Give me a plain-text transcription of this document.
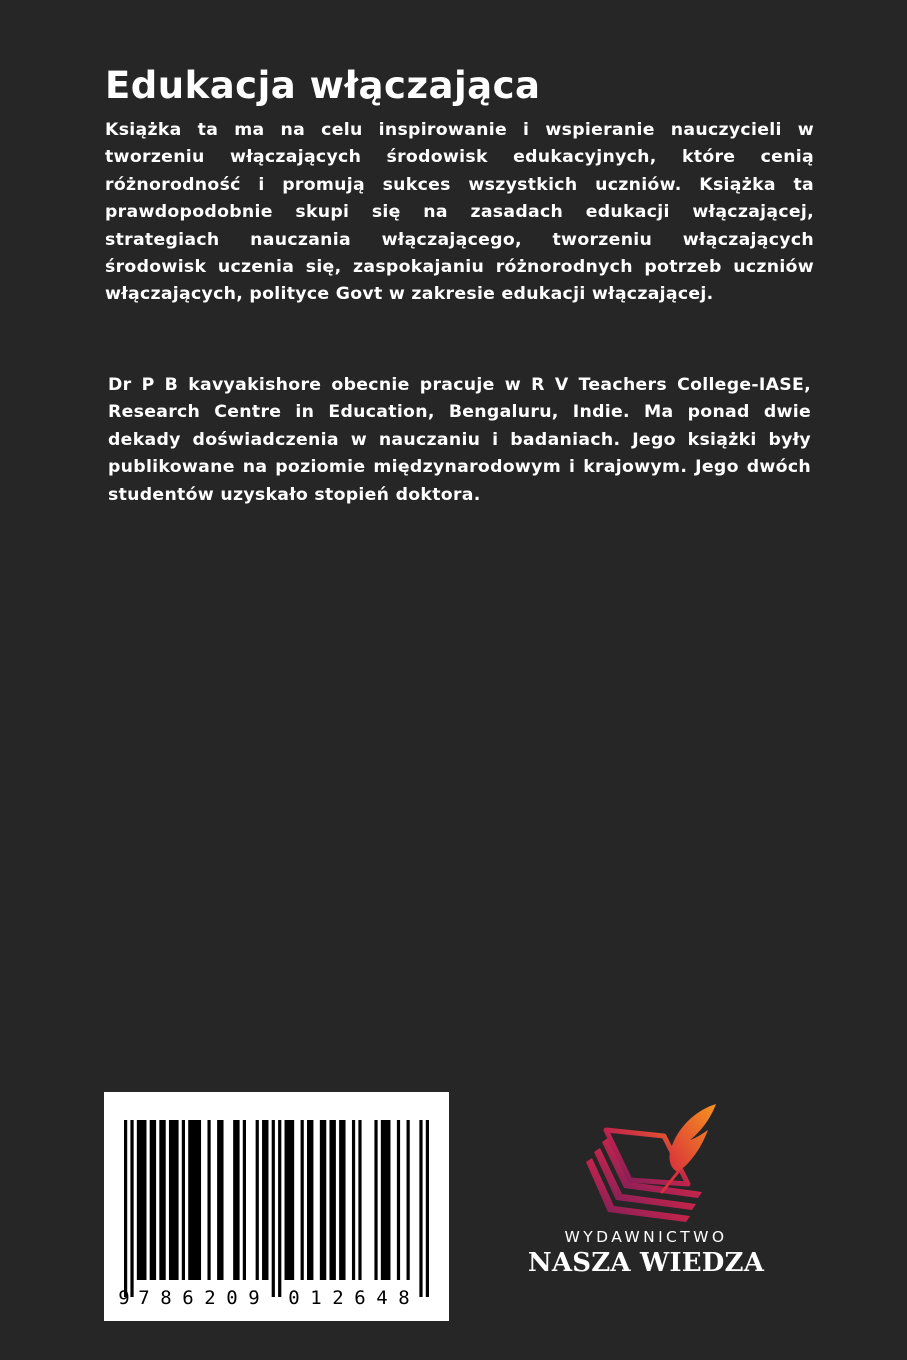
Edukacja włączająca

Książka ta ma na celu inspirowanie i wspieranie nauczycieli w tworzeniu włączających środowisk edukacyjnych, które cenią różnorodność i promują sukces wszystkich uczniów. Książka ta prawdopodobnie skupi się na zasadach edukacji włączającej, strategiach nauczania włączającego, tworzeniu włączających środowisk uczenia się, zaspokajaniu różnorodnych potrzeb uczniów włączających, polityce Govt w zakresie edukacji włączającej.

Dr P B kavyakishore obecnie pracuje w R V Teachers College-IASE, Research Centre in Education, Bengaluru, Indie. Ma ponad dwie dekady doświadczenia w nauczaniu i badaniach. Jego książki były publikowane na poziomie międzynarodowym i krajowym. Jego dwóch studentów uzyskało stopień doktora.

9 7 8 6 2 0 9 0 1 2 6 4 8
WYDAWNICTWO
NASZA WIEDZA
